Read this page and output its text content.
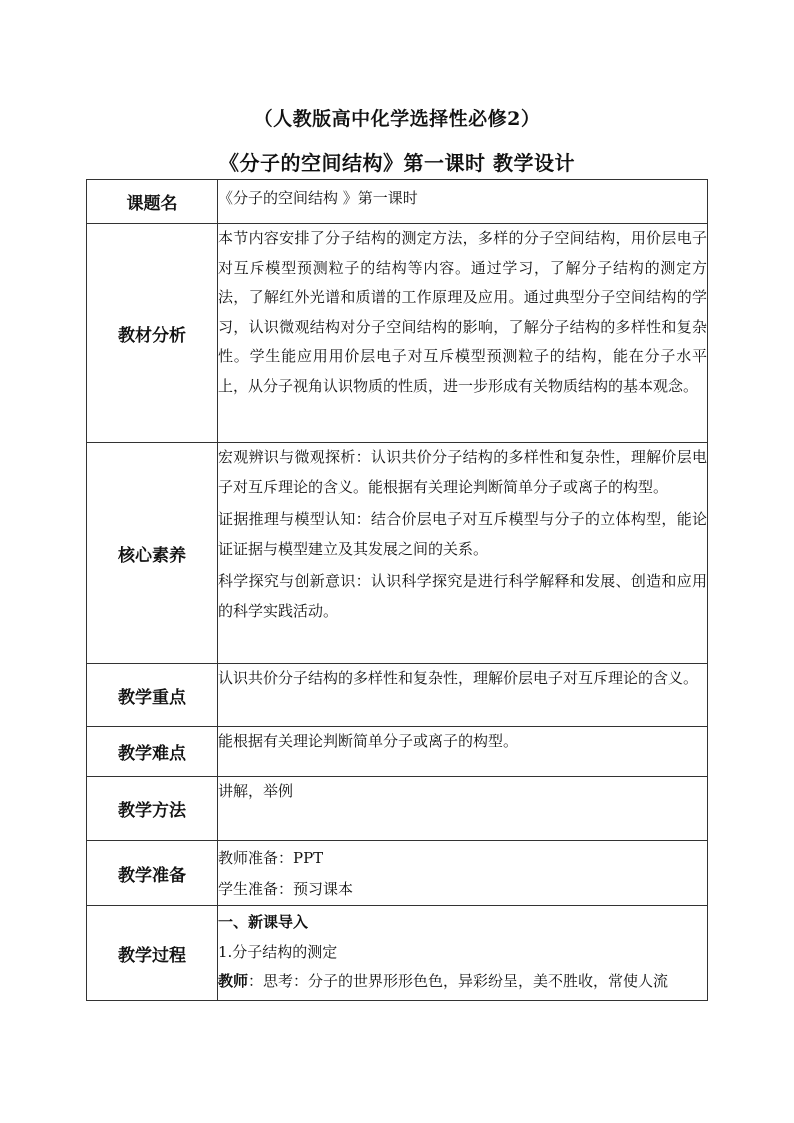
（人教版高中化学选择性必修2）
《分子的空间结构》第一课时 教学设计
课题名	《分子的空间结构 》第一课时
教材分析	本节内容安排了分子结构的测定方法，多样的分子空间结构，用价层电子对互斥模型预测粒子的结构等内容。通过学习，了解分子结构的测定方法，了解红外光谱和质谱的工作原理及应用。通过典型分子空间结构的学习，认识微观结构对分子空间结构的影响，了解分子结构的多样性和复杂性。学生能应用用价层电子对互斥模型预测粒子的结构，能在分子水平上，从分子视角认识物质的性质，进一步形成有关物质结构的基本观念。
核心素养	宏观辨识与微观探析：认识共价分子结构的多样性和复杂性，理解价层电子对互斥理论的含义。能根据有关理论判断简单分子或离子的构型。
证据推理与模型认知：结合价层电子对互斥模型与分子的立体构型，能论证证据与模型建立及其发展之间的关系。
科学探究与创新意识：认识科学探究是进行科学解释和发展、创造和应用的科学实践活动。

教学重点	认识共价分子结构的多样性和复杂性，理解价层电子对互斥理论的含义。
教学难点	能根据有关理论判断简单分子或离子的构型。
教学方法	讲解，举例
教学准备	教师准备：PPT
学生准备：预习课本

教学过程	一、新课导入
1.分子结构的测定
教师：思考：分子的世界形形色色，异彩纷呈，美不胜收，常使人流
